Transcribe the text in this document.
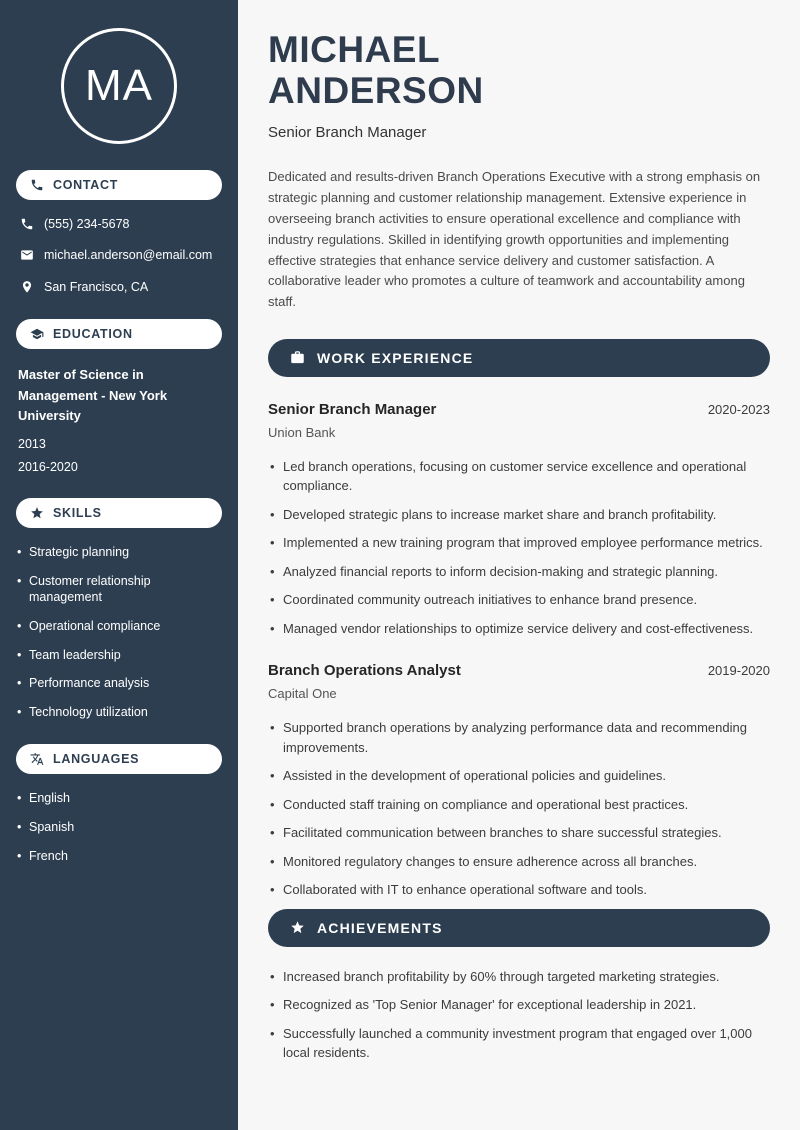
MA
CONTACT
(555) 234-5678
michael.anderson@email.com
San Francisco, CA
EDUCATION
Master of Science in Management - New York University
2013
2016-2020
SKILLS
• Strategic planning
• Customer relationship management
• Operational compliance
• Team leadership
• Performance analysis
• Technology utilization
LANGUAGES
• English
• Spanish
• French
MICHAEL
ANDERSON

Senior Branch Manager

Dedicated and results-driven Branch Operations Executive with a strong emphasis on strategic planning and customer relationship management. Extensive experience in overseeing branch activities to ensure operational excellence and compliance with industry regulations. Skilled in identifying growth opportunities and implementing effective strategies that enhance service delivery and customer satisfaction. A collaborative leader who promotes a culture of teamwork and accountability among staff.

WORK EXPERIENCE
Senior Branch Manager	2020-2023
Union Bank
• Led branch operations, focusing on customer service excellence and operational compliance.
• Developed strategic plans to increase market share and branch profitability.
• Implemented a new training program that improved employee performance metrics.
• Analyzed financial reports to inform decision-making and strategic planning.
• Coordinated community outreach initiatives to enhance brand presence.
• Managed vendor relationships to optimize service delivery and cost-effectiveness.
Branch Operations Analyst	2019-2020
Capital One
• Supported branch operations by analyzing performance data and recommending improvements.
• Assisted in the development of operational policies and guidelines.
• Conducted staff training on compliance and operational best practices.
• Facilitated communication between branches to share successful strategies.
• Monitored regulatory changes to ensure adherence across all branches.
• Collaborated with IT to enhance operational software and tools.
ACHIEVEMENTS
• Increased branch profitability by 60% through targeted marketing strategies.
• Recognized as 'Top Senior Manager' for exceptional leadership in 2021.
• Successfully launched a community investment program that engaged over 1,000 local residents.
